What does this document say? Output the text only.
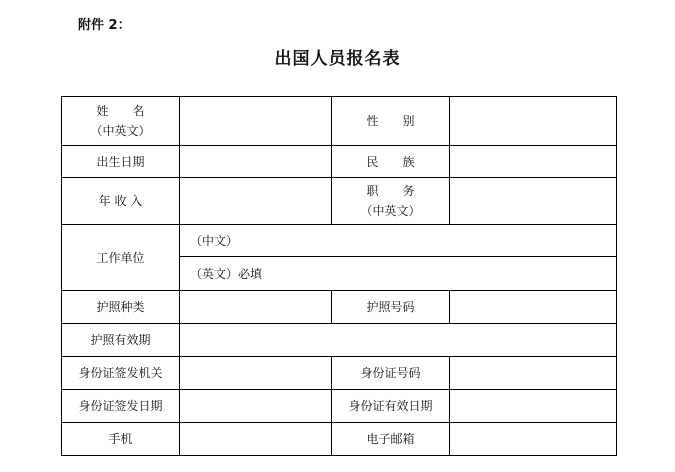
附件 2：
出国人员报名表
姓　　名
（中英文）		性　　别	
出生日期		民　　族	
年 收 入		职　　务
（中英文）	

工作单位	（中文）		
	（英文）必填		
护照种类		护照号码	
护照有效期			
身份证签发机关		身份证号码	
身份证签发日期		身份证有效日期	
手机		电子邮箱	
